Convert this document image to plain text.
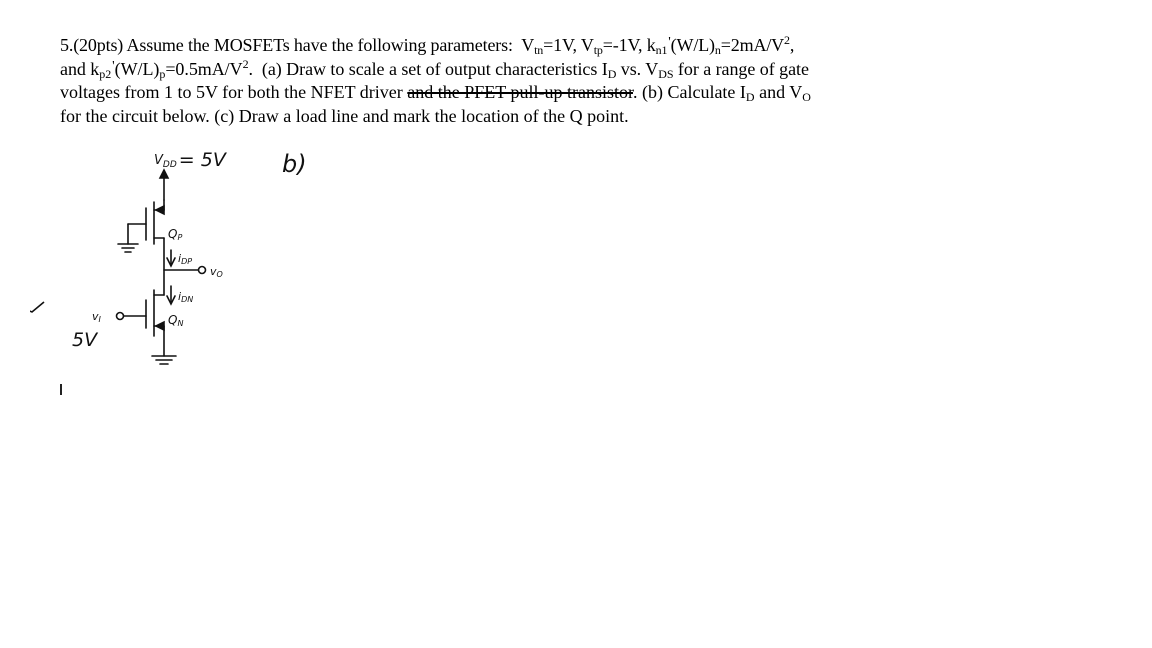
5.(20pts) Assume the MOSFETs have the following parameters: $V_{tn}=1V$, $V_{tp}=-1V$, $k_{n1}'(W/L)_n=2mA/V^2$,
and $k_{p2}'(W/L)_p=0.5mA/V^2$. (a) Draw to scale a set of output characteristics $I_D$ vs. $V_{DS}$ for a range of gate
voltages from 1 to 5V for both the NFET driver and the PFET pull-up transistor. (b) Calculate $I_D$ and $V_O$
for the circuit below. (c) Draw a load line and mark the location of the Q point.

$V_{DD} = 5V$
QP
iDP
vO
iDN
QN
vI
5V
b)
